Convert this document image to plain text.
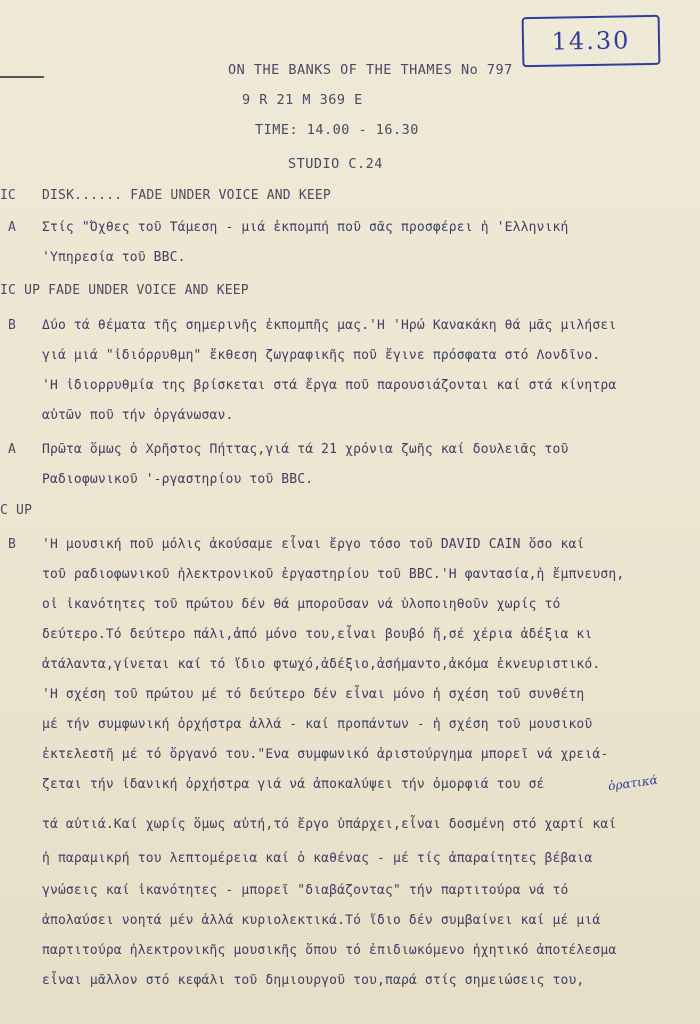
14.30
ON THE BANKS OF THE THAMES No 797
9 R 21 M 369 E
TIME: 14.00 - 16.30
STUDIO C.24
IC DISK...... FADE UNDER VOICE AND KEEP
A Στίς "Όχθες τοῦ Τάμεση - μιά ἐκπομπή ποῦ σᾶς προσφέρει ἡ 'Ελληνική
'Υπηρεσία τοῦ BBC.
IC UP FADE UNDER VOICE AND KEEP
B Δύο τά θέματα τῆς σημερινῆς ἐκπομπῆς μας.'Η 'Ηρώ Κανακάκη θά μᾶς μιλήσει
γιά μιά "ἰδιόρρυθμη" ἔκθεση ζωγραφικῆς ποῦ ἔγινε πρόσφατα στό Λονδῖνο.
'Η ἰδιορρυθμία της βρίσκεται στά ἔργα ποῦ παρουσιάζονται καί στά κίνητρα
αὐτῶν ποῦ τήν ὀργάνωσαν.
A Πρῶτα ὅμως ὁ Χρῆστος Πήττας,γιά τά 21 χρόνια ζωῆς καί δουλειᾶς τοῦ
Ραδιοφωνικοῦ '-ργαστηρίου τοῦ BBC.
C UP
B 'Η μουσική ποῦ μόλις ἀκούσαμε εἶναι ἔργο τόσο τοῦ DAVID CAIN ὅσο καί
τοῦ ραδιοφωνικοῦ ἠλεκτρονικοῦ ἐργαστηρίου τοῦ BBC.'Η φαντασία,ἡ ἔμπνευση,
οἱ ἱκανότητες τοῦ πρώτου δέν θά μποροῦσαν νά ὑλοποιηθοῦν χωρίς τό
δεύτερο.Τό δεύτερο πάλι,ἀπό μόνο του,εἶναι βουβό ἤ,σέ χέρια ἀδέξια κι
ἀτάλαντα,γίνεται καί τό ἴδιο φτωχό,ἀδέξιο,ἀσήμαντο,ἀκόμα ἐκνευριστικό.
'Η σχέση τοῦ πρώτου μέ τό δεύτερο δέν εἶναι μόνο ἡ σχέση τοῦ συνθέτη
μέ τήν συμφωνική ὀρχήστρα ἀλλά - καί προπάντων - ἡ σχέση τοῦ μουσικοῦ
ἐκτελεστῆ μέ τό ὄργανό του."Ενα συμφωνικό ἀριστούργημα μπορεῖ νά χρειά-
ζεται τήν ἰδανική ὀρχήστρα γιά νά ἀποκαλύψει τήν ὀμορφιά του σέ	ὁρατικά
τά αὐτιά.Καί χωρίς ὅμως αὐτή,τό ἔργο ὑπάρχει,εἶναι δοσμένη στό χαρτί καί
ἡ παραμικρή του λεπτομέρεια καί ὁ καθένας - μέ τίς ἀπαραίτητες βέβαια
γνώσεις καί ἱκανότητες - μπορεῖ "διαβάζοντας" τήν παρτιτούρα νά τό
ἀπολαύσει νοητά μέν ἀλλά κυριολεκτικά.Τό ἴδιο δέν συμβαίνει καί μέ μιά
παρτιτούρα ἠλεκτρονικῆς μουσικῆς ὅπου τό ἐπιδιωκόμενο ἠχητικό ἀποτέλεσμα
εἶναι μᾶλλον στό κεφάλι τοῦ δημιουργοῦ του,παρά στίς σημειώσεις του,
